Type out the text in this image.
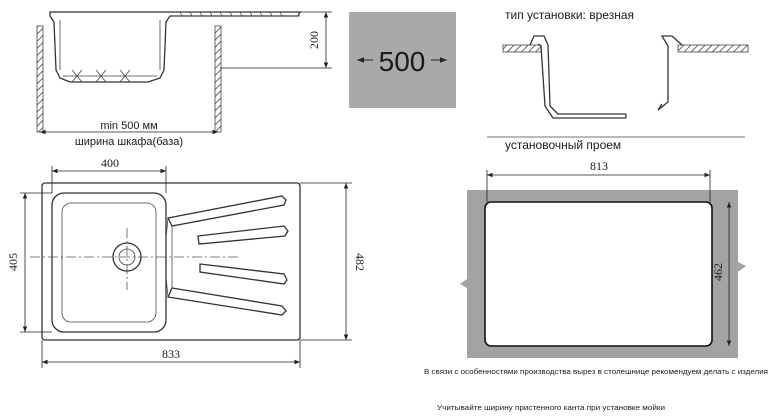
200
min 500 мм
ширина шкафа(база)
500
тип установки: врезная
установочный проем
400
833
405	482
813
462
В связи с особенностями производства вырез в столешнице рекомендуем делать с изделия
Учитывайте ширину пристенного канта при установке мойки
